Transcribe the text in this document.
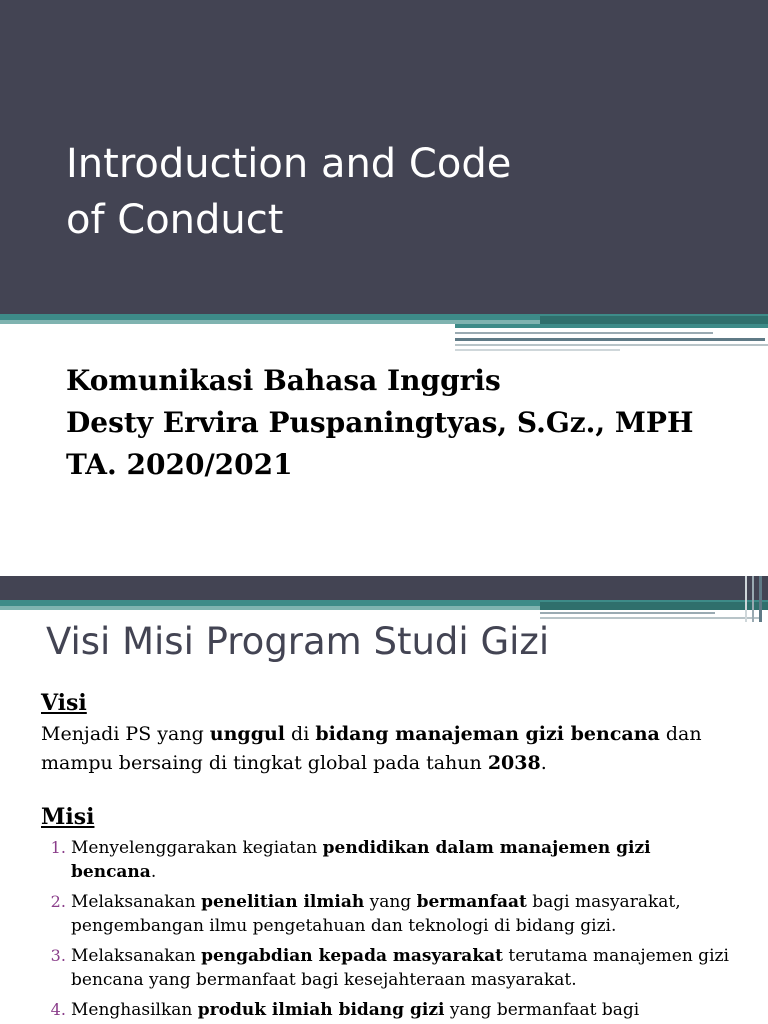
Introduction and Code
of Conduct
Komunikasi Bahasa Inggris
Desty Ervira Puspaningtyas, S.Gz., MPH
TA. 2020/2021
Visi Misi Program Studi Gizi
Visi
Menjadi PS yang unggul di bidang manajeman gizi bencana dan mampu bersaing di tingkat global pada tahun 2038.
Misi
1. Menyelenggarakan kegiatan pendidikan dalam manajemen gizi bencana.
2. Melaksanakan penelitian ilmiah yang bermanfaat bagi masyarakat, pengembangan ilmu pengetahuan dan teknologi di bidang gizi.
3. Melaksanakan pengabdian kepada masyarakat terutama manajemen gizi bencana yang bermanfaat bagi kesejahteraan masyarakat.
4. Menghasilkan produk ilmiah bidang gizi yang bermanfaat bagi
